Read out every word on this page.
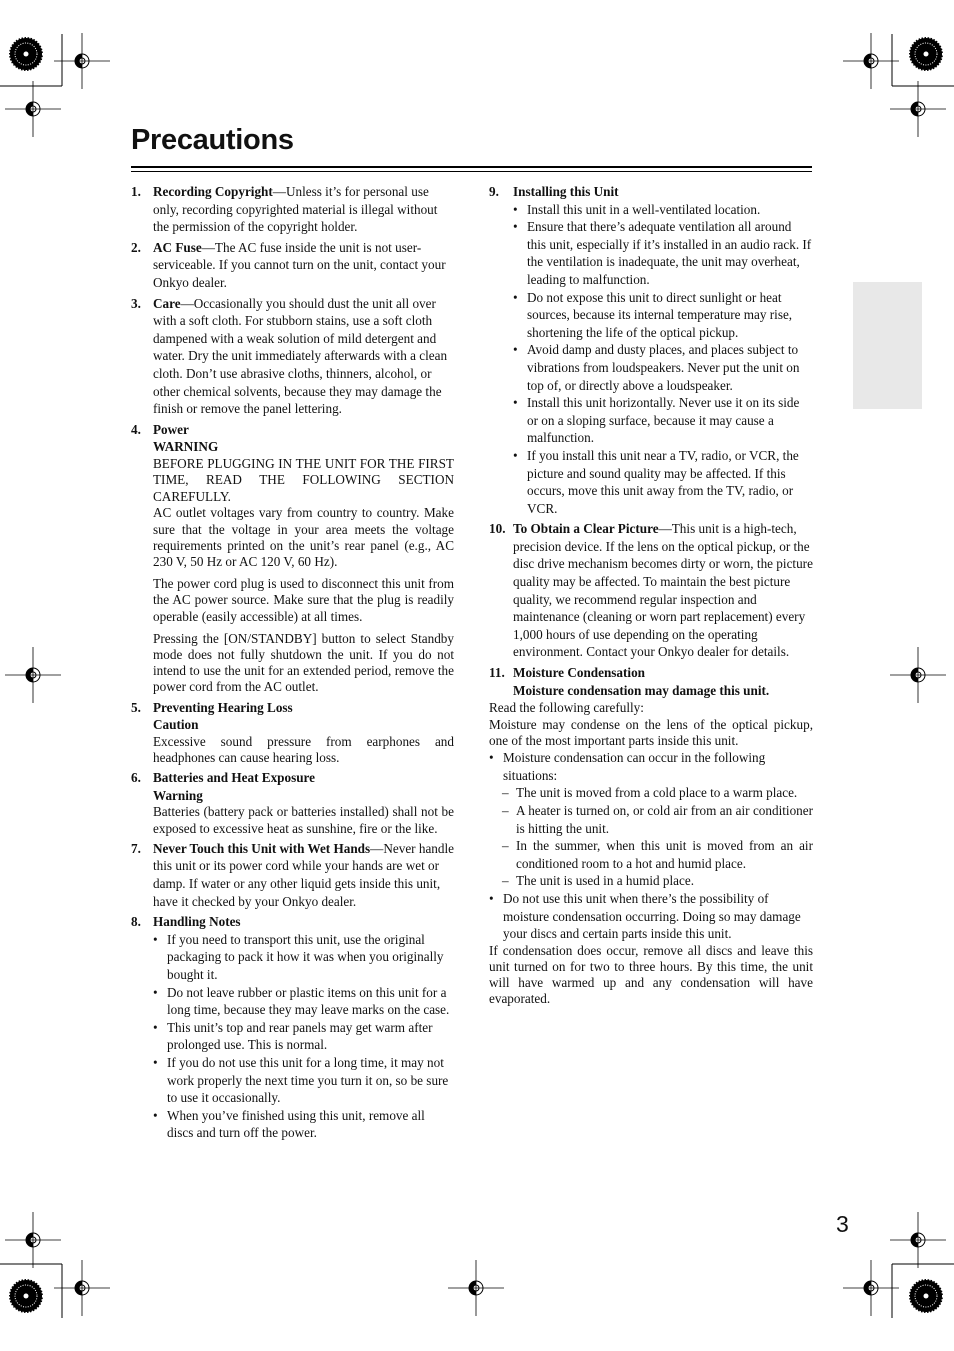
Precautions
1. Recording Copyright—Unless it’s for personal use only, recording copyrighted material is illegal without the permission of the copyright holder.

2. AC Fuse—The AC fuse inside the unit is not user-serviceable. If you cannot turn on the unit, contact your Onkyo dealer.

3. Care—Occasionally you should dust the unit all over with a soft cloth. For stubborn stains, use a soft cloth dampened with a weak solution of mild detergent and water. Dry the unit immediately afterwards with a clean cloth. Don’t use abrasive cloths, thinners, alcohol, or other chemical solvents, because they may damage the finish or remove the panel lettering.

4. Power

WARNING

BEFORE PLUGGING IN THE UNIT FOR THE FIRST TIME, READ THE FOLLOWING SECTION CAREFULLY.

AC outlet voltages vary from country to country. Make sure that the voltage in your area meets the voltage requirements printed on the unit’s rear panel (e.g., AC 230 V, 50 Hz or AC 120 V, 60 Hz).

The power cord plug is used to disconnect this unit from the AC power source. Make sure that the plug is readily operable (easily accessible) at all times.

Pressing the [ON/STANDBY] button to select Standby mode does not fully shutdown the unit. If you do not intend to use the unit for an extended period, remove the power cord from the AC outlet.

5. Preventing Hearing Loss

Caution

Excessive sound pressure from earphones and headphones can cause hearing loss.

6. Batteries and Heat Exposure

Warning

Batteries (battery pack or batteries installed) shall not be exposed to excessive heat as sunshine, fire or the like.

7. Never Touch this Unit with Wet Hands—Never handle this unit or its power cord while your hands are wet or damp. If water or any other liquid gets inside this unit, have it checked by your Onkyo dealer.

8. Handling Notes

• If you need to transport this unit, use the original packaging to pack it how it was when you originally bought it.
• Do not leave rubber or plastic items on this unit for a long time, because they may leave marks on the case.
• This unit’s top and rear panels may get warm after prolonged use. This is normal.
• If you do not use this unit for a long time, it may not work properly the next time you turn it on, so be sure to use it occasionally.
• When you’ve finished using this unit, remove all discs and turn off the power.
9.	Installing this Unit

• Install this unit in a well-ventilated location.
• Ensure that there’s adequate ventilation all around this unit, especially if it’s installed in an audio rack. If the ventilation is inadequate, the unit may overheat, leading to malfunction.
• Do not expose this unit to direct sunlight or heat sources, because its internal temperature may rise, shortening the life of the optical pickup.
• Avoid damp and dusty places, and places subject to vibrations from loudspeakers. Never put the unit on top of, or directly above a loudspeaker.
• Install this unit horizontally. Never use it on its side or on a sloping surface, because it may cause a malfunction.
• If you install this unit near a TV, radio, or VCR, the picture and sound quality may be affected. If this occurs, move this unit away from the TV, radio, or VCR.
10. To Obtain a Clear Picture—This unit is a high-tech, precision device. If the lens on the optical pickup, or the disc drive mechanism becomes dirty or worn, the picture quality may be affected. To maintain the best picture quality, we recommend regular inspection and maintenance (cleaning or worn part replacement) every 1,000 hours of use depending on the operating environment. Contact your Onkyo dealer for details.

11. Moisture Condensation

Moisture condensation may damage this unit.

Read the following carefully:

Moisture may condense on the lens of the optical pickup, one of the most important parts inside this unit.

• Moisture condensation can occur in the following situations:
– The unit is moved from a cold place to a warm place.
– A heater is turned on, or cold air from an air conditioner is hitting the unit.
– In the summer, when this unit is moved from an air conditioned room to a hot and humid place.
– The unit is used in a humid place.
• Do not use this unit when there’s the possibility of moisture condensation occurring. Doing so may damage your discs and certain parts inside this unit.

If condensation does occur, remove all discs and leave this unit turned on for two to three hours. By this time, the unit will have warmed up and any condensation will have evaporated.

3
